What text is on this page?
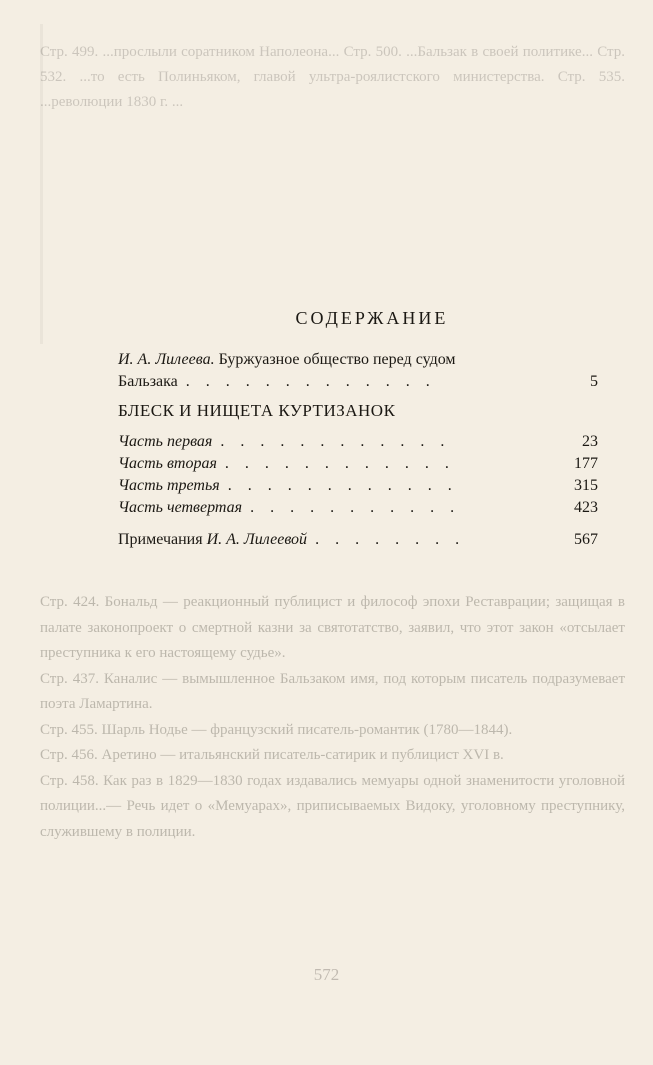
Стр. 499. ...прослыли соратником Наполеона... Стр. 500. ...Бальзак в своей политике... Стр. 532. ...то есть Полиньяком, главой ультра-роялистского министерства. Стр. 535. ...революции 1830 г. ...
Стр. 424. Бональд — реакционный публицист и философ эпохи Реставрации; защищая в палате законопроект о смертной казни за святотатство, заявил, что этот закон «отсылает преступника к его настоящему судье».
Стр. 437. Каналис — вымышленное Бальзаком имя, под которым писатель подразумевает поэта Ламартина.
Стр. 455. Шарль Нодье — французский писатель-романтик (1780—1844).
Стр. 456. Аретино — итальянский писатель-сатирик и публицист XVI в.
Стр. 458. Как раз в 1829—1830 годах издавались мемуары одной знаменитости уголовной полиции...— Речь идет о «Мемуарах», приписываемых Видоку, уголовному преступнику, служившему в полиции.
572
СОДЕРЖАНИЕ
И. А. Лилеева. Буржуазное общество перед судом
Бальзака . . . . . . . . . . . . .	5
БЛЕСК И НИЩЕТА КУРТИЗАНОК
Часть первая . . . . . . . . . . . .	23
Часть вторая . . . . . . . . . . . .	177
Часть третья . . . . . . . . . . . .	315
Часть четвертая . . . . . . . . . . .	423
Примечания И. А. Лилеевой . . . . . . . .	567
